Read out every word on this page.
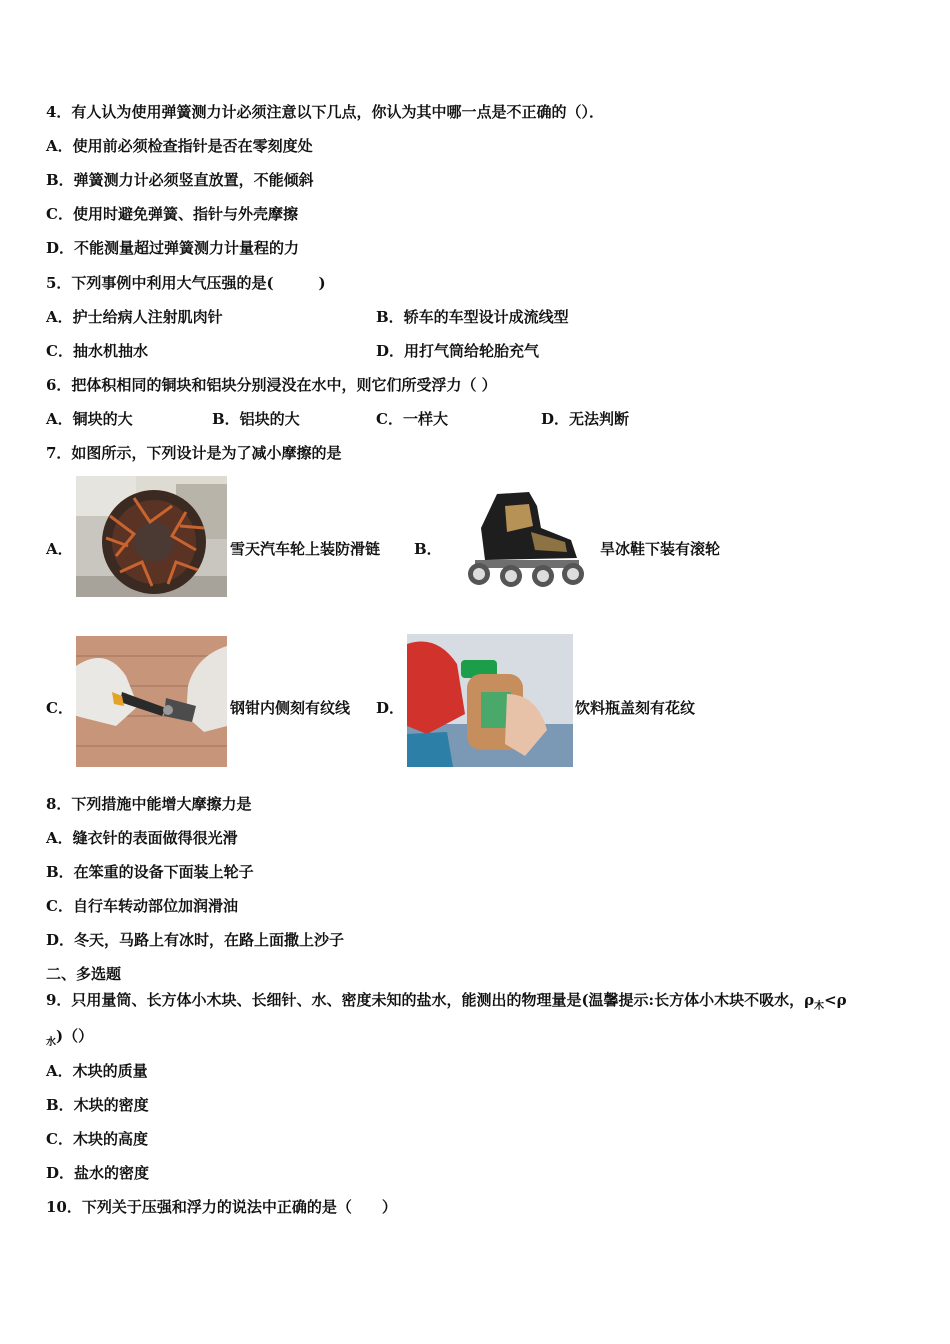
4．有人认为使用弹簧测力计必须注意以下几点，你认为其中哪一点是不正确的（）．
A．使用前必须检查指针是否在零刻度处
B．弹簧测力计必须竖直放置，不能倾斜
C．使用时避免弹簧、指针与外壳摩擦
D．不能测量超过弹簧测力计量程的力
5．下列事例中利用大气压强的是(　　　)
A．护士给病人注射肌肉针	B．轿车的车型设计成流线型
C．抽水机抽水	D．用打气筒给轮胎充气
6．把体积相同的铜块和铝块分别浸没在水中，则它们所受浮力（ ）
A．铜块的大	B．铝块的大	C．一样大	D．无法判断
7．如图所示，下列设计是为了减小摩擦的是
A．	雪天汽车轮上装防滑链 B．	旱冰鞋下装有滚轮
C．	钢钳内侧刻有纹线 D．	饮料瓶盖刻有花纹
8．下列措施中能增大摩擦力是
A．缝衣针的表面做得很光滑
B．在笨重的设备下面装上轮子
C．自行车转动部位加润滑油
D．冬天，马路上有冰时，在路上面撒上沙子
二、多选题
9．只用量筒、长方体小木块、长细针、水、密度未知的盐水，能测出的物理量是(温馨提示:长方体小木块不吸水，$\rho_木<\rho$
$_水$)（）
A．木块的质量
B．木块的密度
C．木块的高度
D．盐水的密度
10．下列关于压强和浮力的说法中正确的是（　　）
